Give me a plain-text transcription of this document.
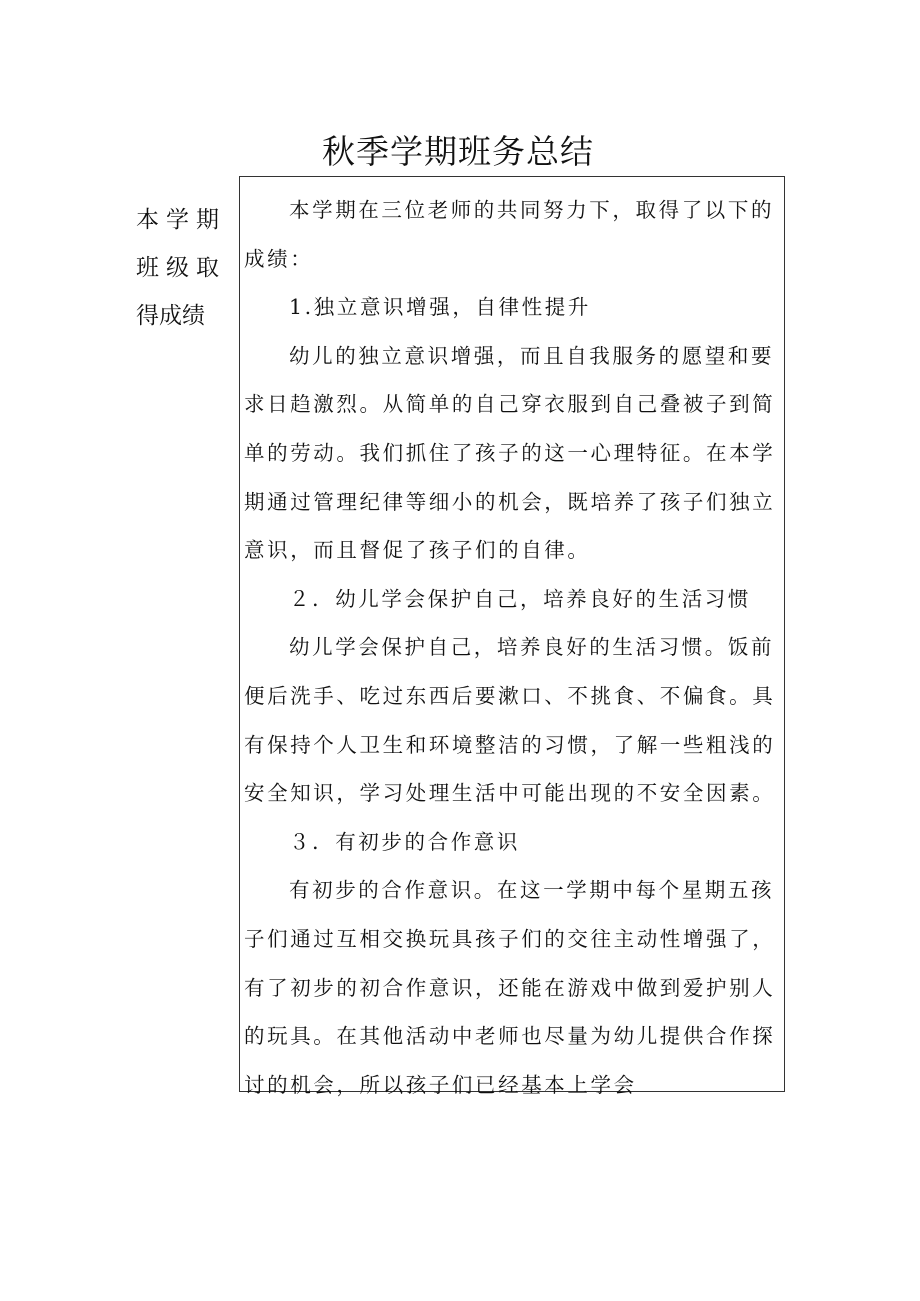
秋季学期班务总结
本学期
班级取
得成绩

本学期在三位老师的共同努力下，取得了以下的成绩：

1.独立意识增强，自律性提升

幼儿的独立意识增强，而且自我服务的愿望和要求日趋激烈。从简单的自己穿衣服到自己叠被子到简单的劳动。我们抓住了孩子的这一心理特征。在本学期通过管理纪律等细小的机会，既培养了孩子们独立意识，而且督促了孩子们的自律。

２．幼儿学会保护自己，培养良好的生活习惯

幼儿学会保护自己，培养良好的生活习惯。饭前便后洗手、吃过东西后要漱口、不挑食、不偏食。具有保持个人卫生和环境整洁的习惯，了解一些粗浅的安全知识，学习处理生活中可能出现的不安全因素。

３．有初步的合作意识

有初步的合作意识。在这一学期中每个星期五孩子们通过互相交换玩具孩子们的交往主动性增强了，有了初步的初合作意识，还能在游戏中做到爱护别人的玩具。在其他活动中老师也尽量为幼儿提供合作探讨的机会，所以孩子们已经基本上学会
